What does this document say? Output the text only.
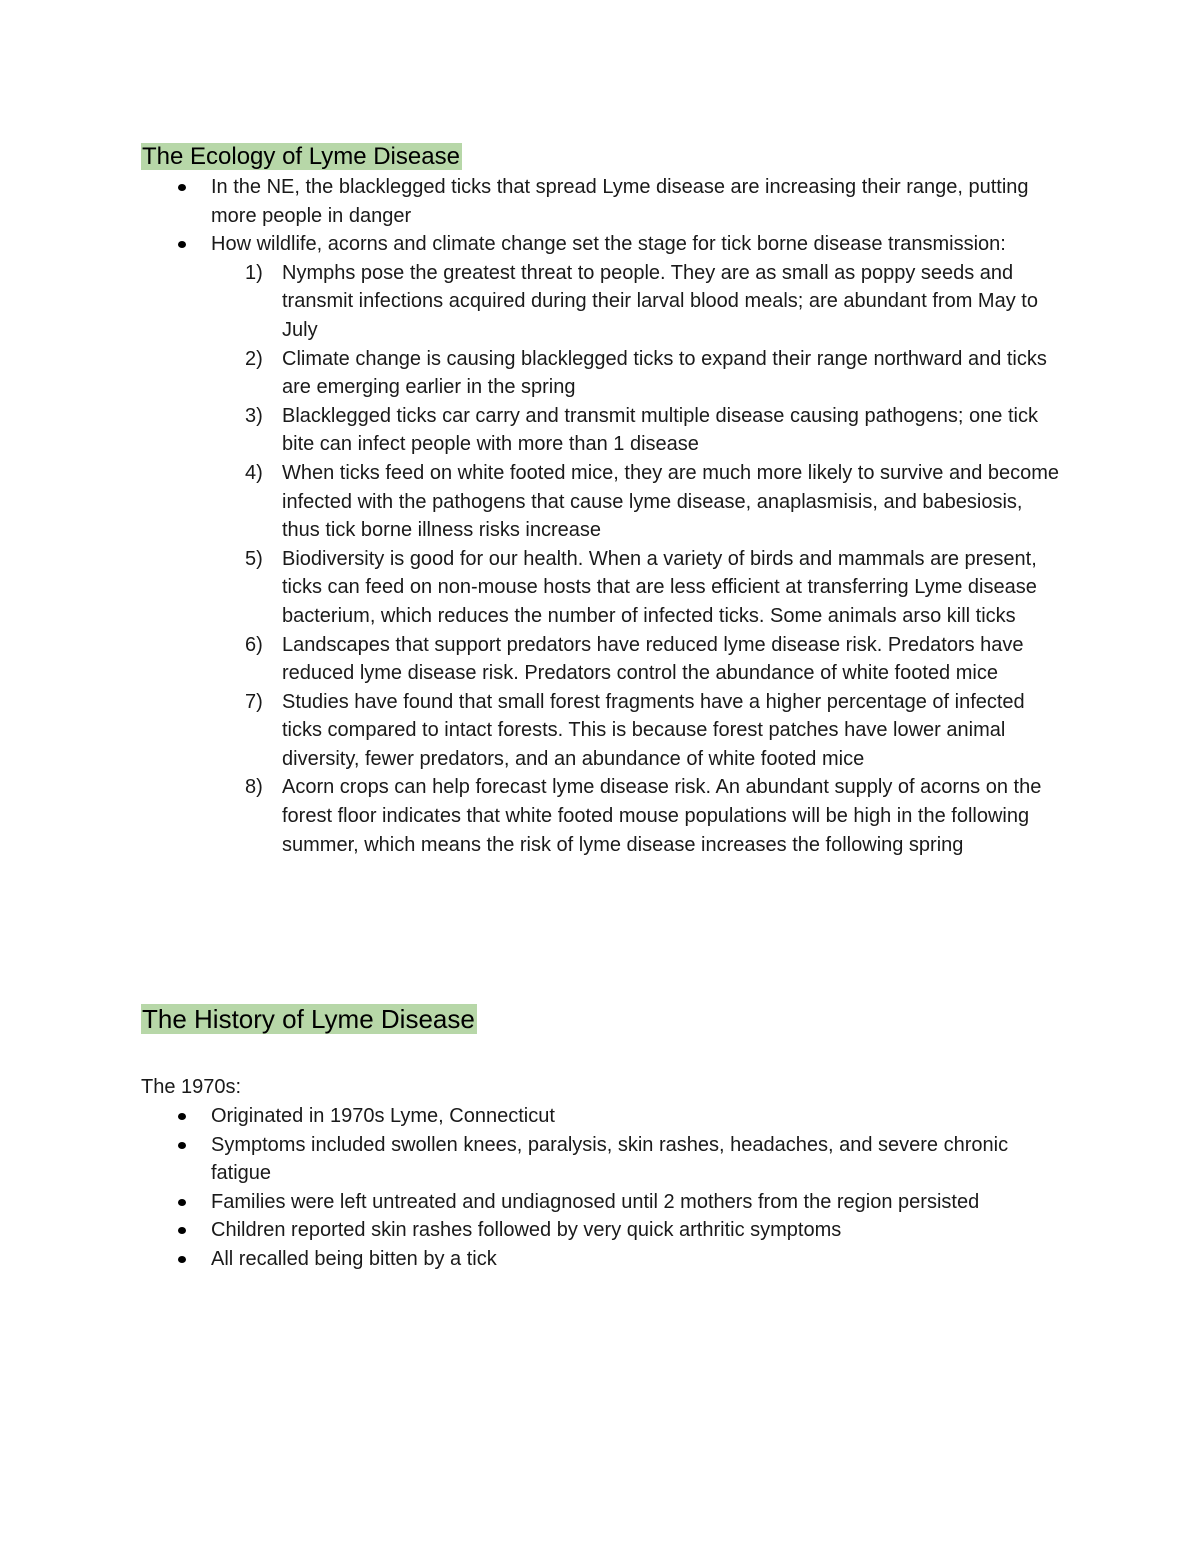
The Ecology of Lyme Disease
In the NE, the blacklegged ticks that spread Lyme disease are increasing their range, putting more people in danger
How wildlife, acorns and climate change set the stage for tick borne disease transmission:
1) Nymphs pose the greatest threat to people. They are as small as poppy seeds and transmit infections acquired during their larval blood meals; are abundant from May to July
2) Climate change is causing blacklegged ticks to expand their range northward and ticks are emerging earlier in the spring
3) Blacklegged ticks car carry and transmit multiple disease causing pathogens; one tick bite can infect people with more than 1 disease
4) When ticks feed on white footed mice, they are much more likely to survive and become infected with the pathogens that cause lyme disease, anaplasmisis, and babesiosis, thus tick borne illness risks increase
5) Biodiversity is good for our health. When a variety of birds and mammals are present, ticks can feed on non-mouse hosts that are less efficient at transferring Lyme disease bacterium, which reduces the number of infected ticks. Some animals arso kill ticks
6) Landscapes that support predators have reduced lyme disease risk. Predators have reduced lyme disease risk. Predators control the abundance of white footed mice
7) Studies have found that small forest fragments have a higher percentage of infected ticks compared to intact forests. This is because forest patches have lower animal diversity, fewer predators, and an abundance of white footed mice
8) Acorn crops can help forecast lyme disease risk. An abundant supply of acorns on the forest floor indicates that white footed mouse populations will be high in the following summer, which means the risk of lyme disease increases the following spring
The History of Lyme Disease

The 1970s:

Originated in 1970s Lyme, Connecticut
Symptoms included swollen knees, paralysis, skin rashes, headaches, and severe chronic fatigue
Families were left untreated and undiagnosed until 2 mothers from the region persisted
Children reported skin rashes followed by very quick arthritic symptoms
All recalled being bitten by a tick
